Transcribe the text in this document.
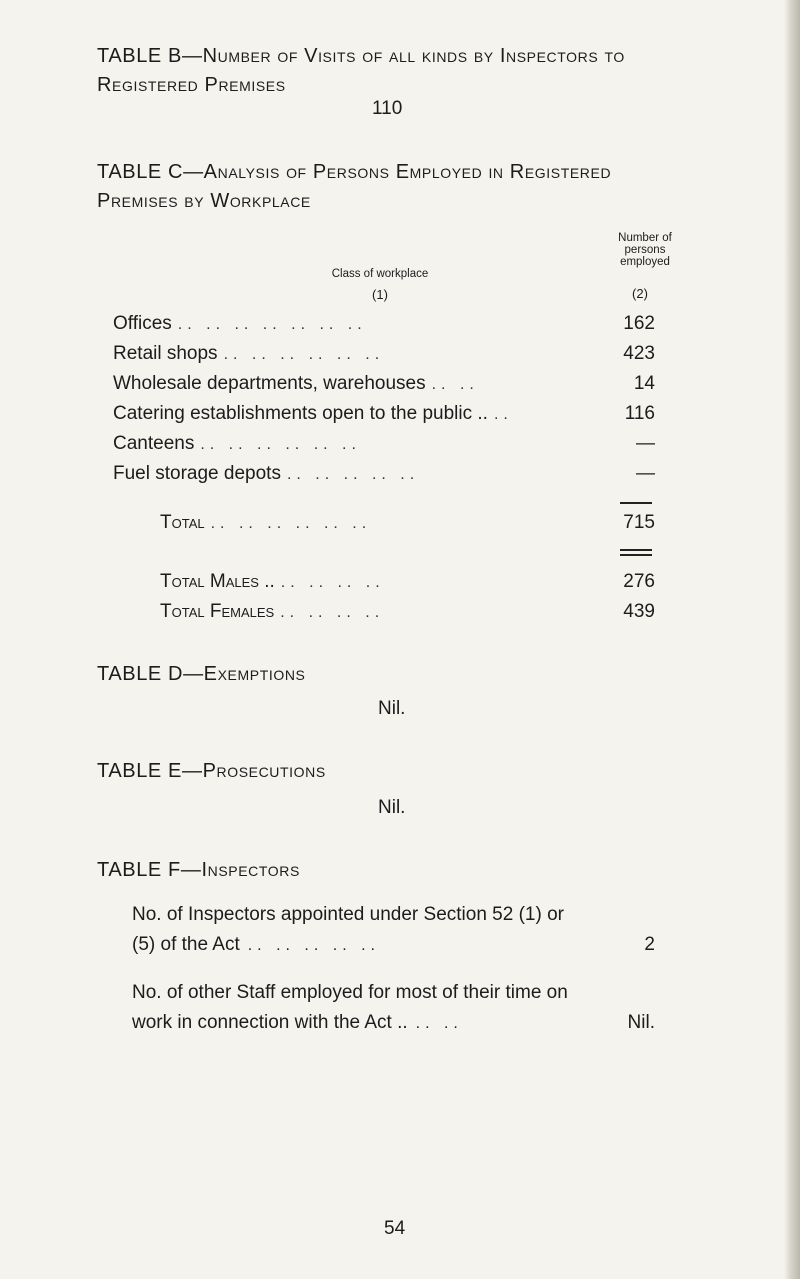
TABLE B—Number of Visits of all kinds by Inspectors to
Registered Premises
110
TABLE C—Analysis of Persons Employed in Registered
Premises by Workplace
Class of workplace
(1)
Number of
persons
employed
(2)
Offices .. .. .. .. .. .. ..	162
Retail shops .. .. .. .. .. ..	423
Wholesale departments, warehouses .. ..	14
Catering establishments open to the public .. ..	116
Canteens .. .. .. .. .. ..	—
Fuel storage depots .. .. .. .. ..	—
Total .. .. .. .. .. ..	715
Total Males .. .. .. .. ..	276
Total Females .. .. .. ..	439
TABLE D—Exemptions
Nil.
TABLE E—Prosecutions
Nil.
TABLE F—Inspectors
No. of Inspectors appointed under Section 52 (1) or
(5) of the Act .. .. .. .. ..	2
No. of other Staff employed for most of their time on
work in connection with the Act .. .. ..	Nil.
54
